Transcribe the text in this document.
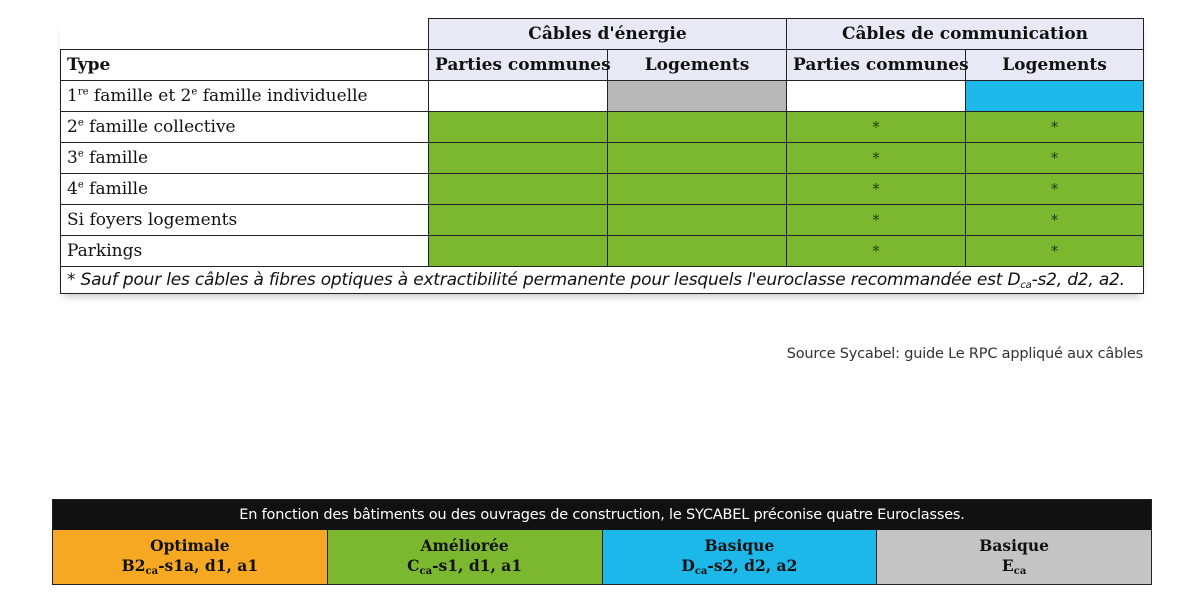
	Câbles d'énergie		Câbles de communication	
Type	Parties communes	Logements	Parties communes	Logements
1re famille et 2e famille individuelle				
2e famille collective			*	*
3e famille			*	*
4e famille			*	*
Si foyers logements			*	*
Parkings			*	*
* Sauf pour les câbles à fibres optiques à extractibilité permanente pour lesquels l'euroclasse recommandée est $D_{ca}-s2$, d2, a2.				
Source Sycabel: guide Le RPC appliqué aux câbles
En fonction des bâtiments ou des ouvrages de construction, le SYCABEL préconise quatre Euroclasses.
Optimale
$B2_{ca}-s1a$, d1, a1
Améliorée
$C_{ca}-s1$, d1, a1
Basique
$D_{ca}-s2$, d2, a2
Basique
$E_{ca}$
